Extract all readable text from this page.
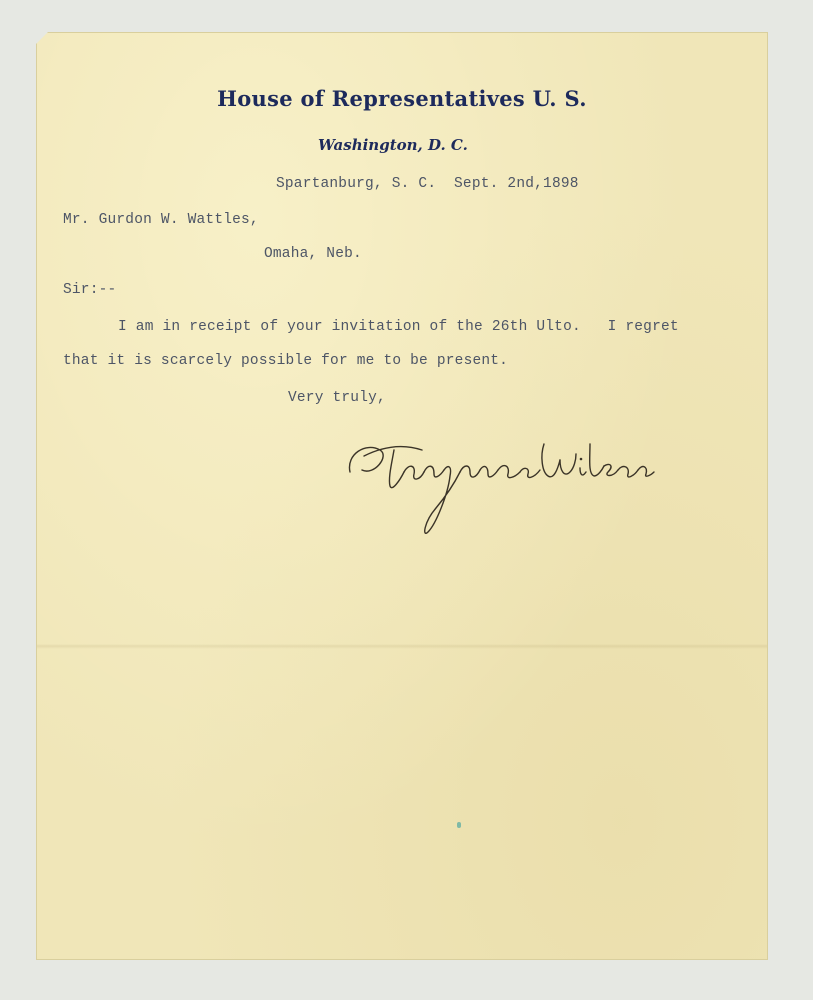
House of Representatives U. S.
Washington, D. C.
Spartanburg, S. C.  Sept. 2nd,1898
Mr. Gurdon W. Wattles,
Omaha, Neb.
Sir:--
I am in receipt of your invitation of the 26th Ulto.   I regret
that it is scarcely possible for me to be present.
Very truly,
